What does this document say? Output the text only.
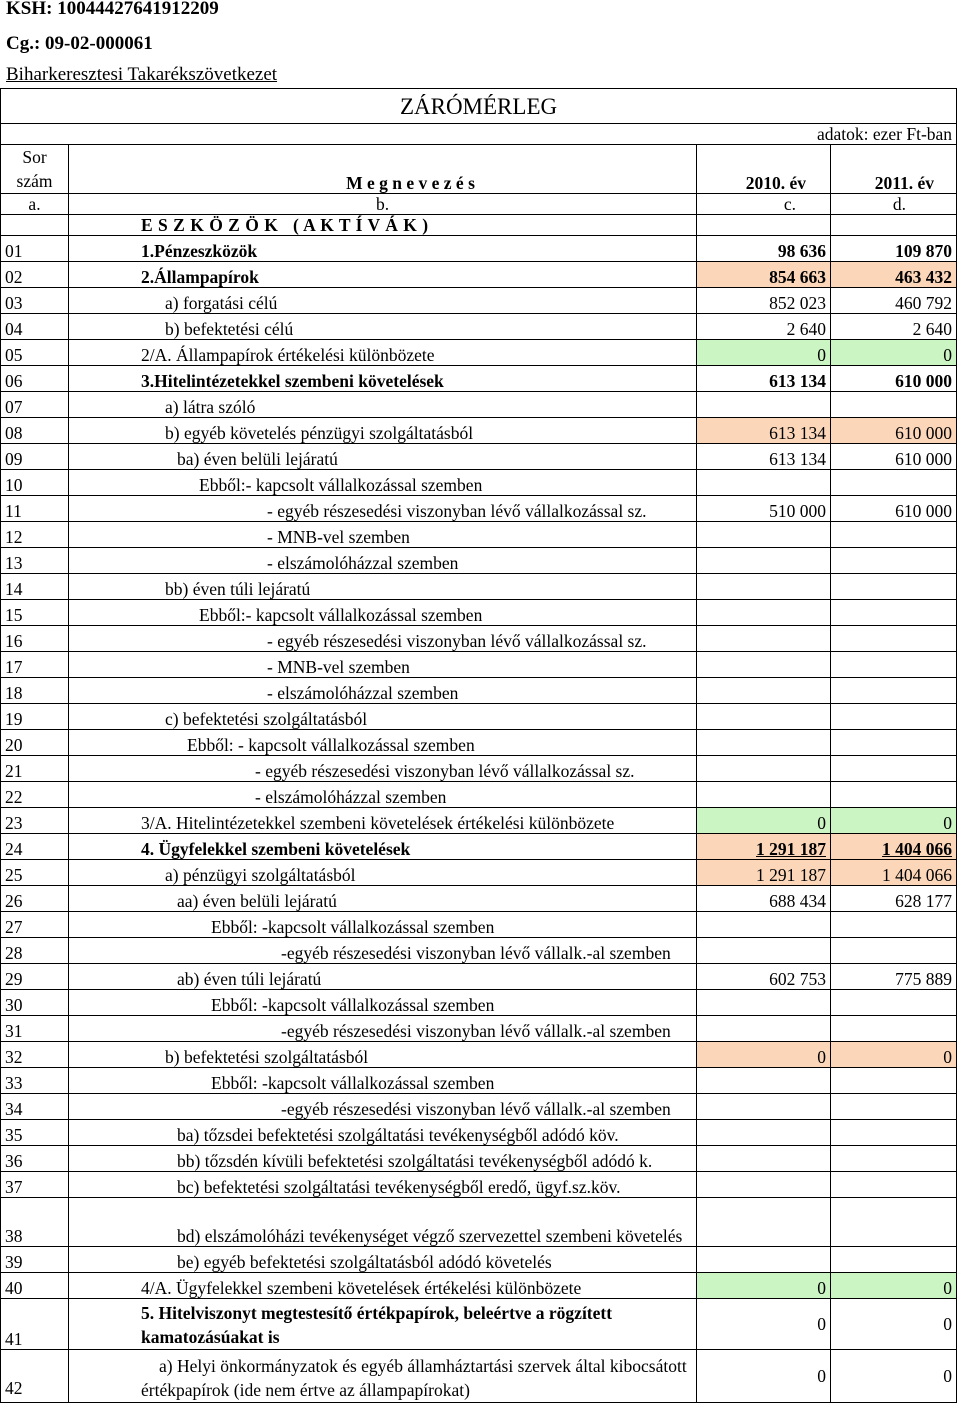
KSH: 10044427641912209
Cg.: 09-02-000061
Biharkeresztesi Takarékszövetkezet
ZÁRÓMÉRLEG			
adatok: ezer Ft-ban			

Sor
szám	M e g n e v e z é s	2010. év	2011. év
a.	b.	c.	d.
	E S Z K Ö Z Ö K   ( A K T Í V Á K )		
01	1.Pénzeszközök	98 636	109 870
02	2.Állampapírok	854 663	463 432
03	a) forgatási célú	852 023	460 792
04	b) befektetési célú	2 640	2 640
05	2/A. Állampapírok értékelési különbözete	0	0
06	3.Hitelintézetekkel szembeni követelések	613 134	610 000
07	a) látra szóló		
08	b) egyéb követelés pénzügyi szolgáltatásból	613 134	610 000
09	ba) éven belüli lejáratú	613 134	610 000
10	Ebből:- kapcsolt vállalkozással szemben		
11	- egyéb részesedési viszonyban lévő vállalkozással sz.	510 000	610 000
12	- MNB-vel szemben		
13	- elszámolóházzal szemben		
14	bb) éven túli lejáratú		
15	Ebből:- kapcsolt vállalkozással szemben		
16	- egyéb részesedési viszonyban lévő vállalkozással sz.		
17	- MNB-vel szemben		
18	- elszámolóházzal szemben		
19	c) befektetési szolgáltatásból		
20	Ebből: - kapcsolt vállalkozással szemben		
21	- egyéb részesedési viszonyban lévő vállalkozással sz.		
22	- elszámolóházzal szemben		
23	3/A. Hitelintézetekkel szembeni követelések értékelési különbözete	0	0
24	4. Ügyfelekkel szembeni követelések	1 291 187	1 404 066
25	a) pénzügyi szolgáltatásból	1 291 187	1 404 066
26	aa) éven belüli lejáratú	688 434	628 177
27	Ebből: -kapcsolt vállalkozással szemben		
28	-egyéb részesedési viszonyban lévő vállalk.-al szemben		
29	ab) éven túli lejáratú	602 753	775 889
30	Ebből: -kapcsolt vállalkozással szemben		
31	-egyéb részesedési viszonyban lévő vállalk.-al szemben		
32	b) befektetési szolgáltatásból	0	0
33	Ebből: -kapcsolt vállalkozással szemben		
34	-egyéb részesedési viszonyban lévő vállalk.-al szemben		
35	ba) tőzsdei befektetési szolgáltatási tevékenységből adódó köv.		
36	bb) tőzsdén kívüli befektetési szolgáltatási tevékenységből adódó k.		
37	bc) befektetési szolgáltatási tevékenységből eredő, ügyf.sz.köv.		
38	bd) elszámolóházi tevékenységet végző szervezettel szembeni követelés		
39	be) egyéb befektetési szolgáltatásból adódó követelés		
40	4/A. Ügyfelekkel szembeni követelések értékelési különbözete	0	0
41	5. Hitelviszonyt megtestesítő értékpapírok, beleértve a rögzített kamatozásúakat is	0	0
42	a) Helyi önkormányzatok és egyéb államháztartási szervek által kibocsátott értékpapírok (ide nem értve az állampapírokat)	0	0
